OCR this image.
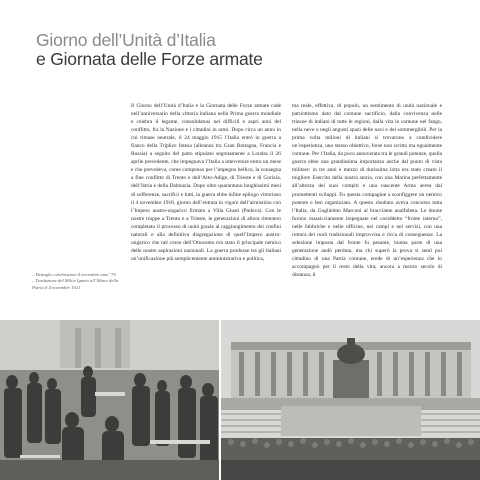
Giorno dell’Unità d’Italia
e Giornata delle Forze armate
Il Giorno dell’Unità d’Italia e la Giornata delle Forze armate cade nell’anniversario della vittoria italiana nella Prima guerra mondiale e celebra il legame, consolidatosi nei difficili e aspri anni del conflitto, fra la Nazione e i cittadini in armi. Dopo circa un anno in cui rimase neutrale, il 24 maggio 1915 l’Italia entrò in guerra a fianco della Triplice Intesa (alleanza tra Gran Bretagna, Francia e Russia) a seguito del patto stipulato segretamente a Londra il 26 aprile precedente, che impegnava l’Italia a intervenire entro un mese e che prevedeva, come compenso per l’impegno bellico, la consegna a fine conflitto di Trento e dell’Alto-Adige, di Trieste e di Gorizia, dell’Istria e della Dalmazia. Dopo oltre quarantuno lunghissimi mesi di sofferenze, sacrifici e lutti, la guerra ebbe infine epilogo vittorioso il 4 novembre 1918, giorno dell’entrata in vigore dell’armistizio con l’Impero austro-ungarico firmato a Villa Giusti (Padova). Con le nostre truppe a Trento e a Trieste, le generazioni di allora ritennero completato il processo di unità grazie al raggiungimento dei confini naturali e alla definitiva disgregazione di quell’Impero austro-ungarico che nel corso dell’Ottocento era stato il principale nemico delle nostre aspirazioni nazionali. La guerra produsse tra gli italiani un’unificazione più semplicemente amministrativa e politica,
ma reale, effettiva, di popolo, un sentimento di unità nazionale e patriottismo dato dal comune sacrificio, dalla convivenza nelle trincee di italiani di tutte le regioni, dalla vita in comune nel fango, nella neve o negli angusti spazi delle navi e dei sommergibili. Per la prima volta milioni di italiani si trovarono a condividere un’esperienza, uno stesso obiettivo, forse non scritto ma egualmente comune. Per l’Italia, da poco annoverata tra le grandi potenze, quella guerra ebbe una grandissima importanza anche dal punto di vista militare: in tre anni e mezzo di durissima lotta era stato creato il migliore Esercito della nostra storia, con una Marina perfettamente all’altezza dei suoi compiti e una nascente Arma aerea dai promettenti sviluppi. Fu questa compagine a sconfiggere un nemico potente e ben organizzato. A questo risultato aveva concorso tutta l’Italia, da Guglielmo Marconi al bracciante analfabeta. Le donne furono massicciamente impegnate nel cosiddetto “fronte interno”, nelle fabbriche e nelle officine, nei campi e nei servizi, con una rottura dei ruoli tradizionali improvvisa e ricca di conseguenze. La selezione imposta dal fronte fu pesante, buona parte di una generazione andò perduta, ma chi superò la prova si sentì poi cittadino di una Patria comune, erede di un’esperienza che lo accompagnò per il resto della vita; ancora a mezzo secolo di distanza, il
– Dettaglio celebrazioni 4 novembre anni ’70
– Traslazione del Milite Ignoto all’Altare della Patria il 4 novembre 1921
